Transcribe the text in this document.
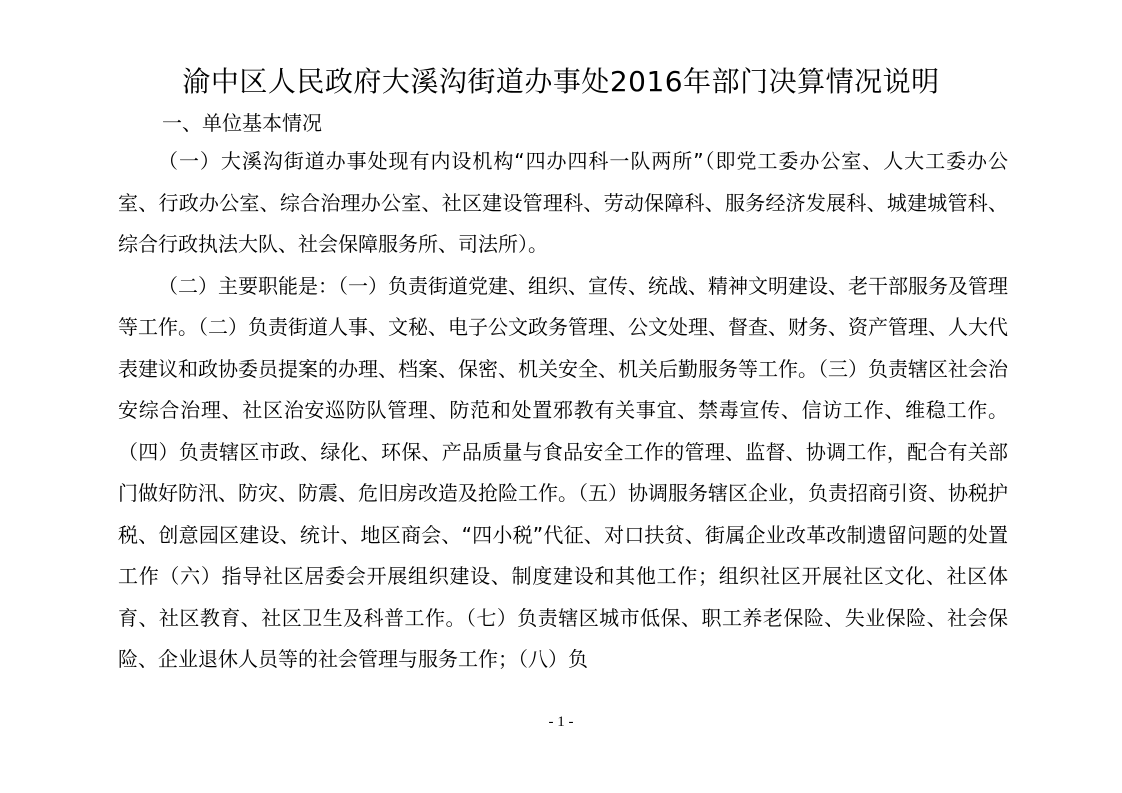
渝中区人民政府大溪沟街道办事处2016年部门决算情况说明
一、单位基本情况

（一）大溪沟街道办事处现有内设机构“四办四科一队两所”（即党工委办公室、人大工委办公室、行政办公室、综合治理办公室、社区建设管理科、劳动保障科、服务经济发展科、城建城管科、综合行政执法大队、社会保障服务所、司法所）。

（二）主要职能是：（一）负责街道党建、组织、宣传、统战、精神文明建设、老干部服务及管理等工作。（二）负责街道人事、文秘、电子公文政务管理、公文处理、督查、财务、资产管理、人大代表建议和政协委员提案的办理、档案、保密、机关安全、机关后勤服务等工作。（三）负责辖区社会治安综合治理、社区治安巡防队管理、防范和处置邪教有关事宜、禁毒宣传、信访工作、维稳工作。（四）负责辖区市政、绿化、环保、产品质量与食品安全工作的管理、监督、协调工作，配合有关部门做好防汛、防灾、防震、危旧房改造及抢险工作。（五）协调服务辖区企业，负责招商引资、协税护税、创意园区建设、统计、地区商会、“四小税”代征、对口扶贫、街属企业改革改制遗留问题的处置工作（六）指导社区居委会开展组织建设、制度建设和其他工作；组织社区开展社区文化、社区体育、社区教育、社区卫生及科普工作。（七）负责辖区城市低保、职工养老保险、失业保险、社会保险、企业退休人员等的社会管理与服务工作；（八）负

- 1 -
